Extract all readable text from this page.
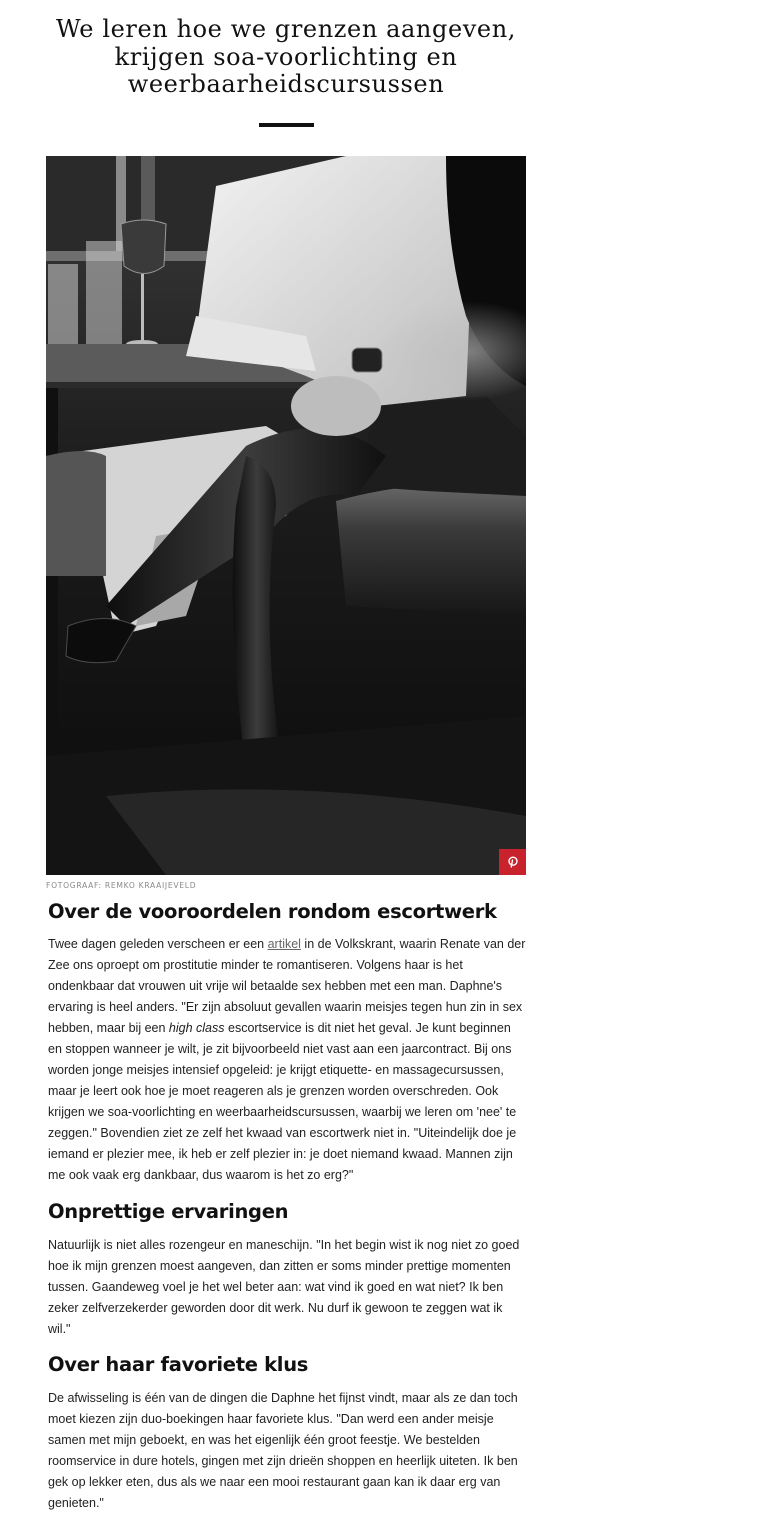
We leren hoe we grenzen aangeven,
krijgen soa-voorlichting en
weerbaarheidscursussen
FOTOGRAAF: REMKO KRAAIJEVELD
Over de vooroordelen rondom escortwerk

Twee dagen geleden verscheen er een artikel in de Volkskrant, waarin Renate van der Zee ons oproept om prostitutie minder te romantiseren. Volgens haar is het ondenkbaar dat vrouwen uit vrije wil betaalde sex hebben met een man. Daphne's ervaring is heel anders. "Er zijn absoluut gevallen waarin meisjes tegen hun zin in sex hebben, maar bij een high class escortservice is dit niet het geval. Je kunt beginnen en stoppen wanneer je wilt, je zit bijvoorbeeld niet vast aan een jaarcontract. Bij ons worden jonge meisjes intensief opgeleid: je krijgt etiquette- en massagecursussen, maar je leert ook hoe je moet reageren als je grenzen worden overschreden. Ook krijgen we soa-voorlichting en weerbaarheidscursussen, waarbij we leren om 'nee' te zeggen." Bovendien ziet ze zelf het kwaad van escortwerk niet in. "Uiteindelijk doe je iemand er plezier mee, ik heb er zelf plezier in: je doet niemand kwaad. Mannen zijn me ook vaak erg dankbaar, dus waarom is het zo erg?"

Onprettige ervaringen

Natuurlijk is niet alles rozengeur en maneschijn. "In het begin wist ik nog niet zo goed hoe ik mijn grenzen moest aangeven, dan zitten er soms minder prettige momenten tussen. Gaandeweg voel je het wel beter aan: wat vind ik goed en wat niet? Ik ben zeker zelfverzekerder geworden door dit werk. Nu durf ik gewoon te zeggen wat ik wil."

Over haar favoriete klus

De afwisseling is één van de dingen die Daphne het fijnst vindt, maar als ze dan toch moet kiezen zijn duo-boekingen haar favoriete klus. "Dan werd een ander meisje samen met mijn geboekt, en was het eigenlijk één groot feestje. We bestelden roomservice in dure hotels, gingen met zijn drieën shoppen en heerlijk uiteten. Ik ben gek op lekker eten, dus als we naar een mooi restaurant gaan kan ik daar erg van genieten."
